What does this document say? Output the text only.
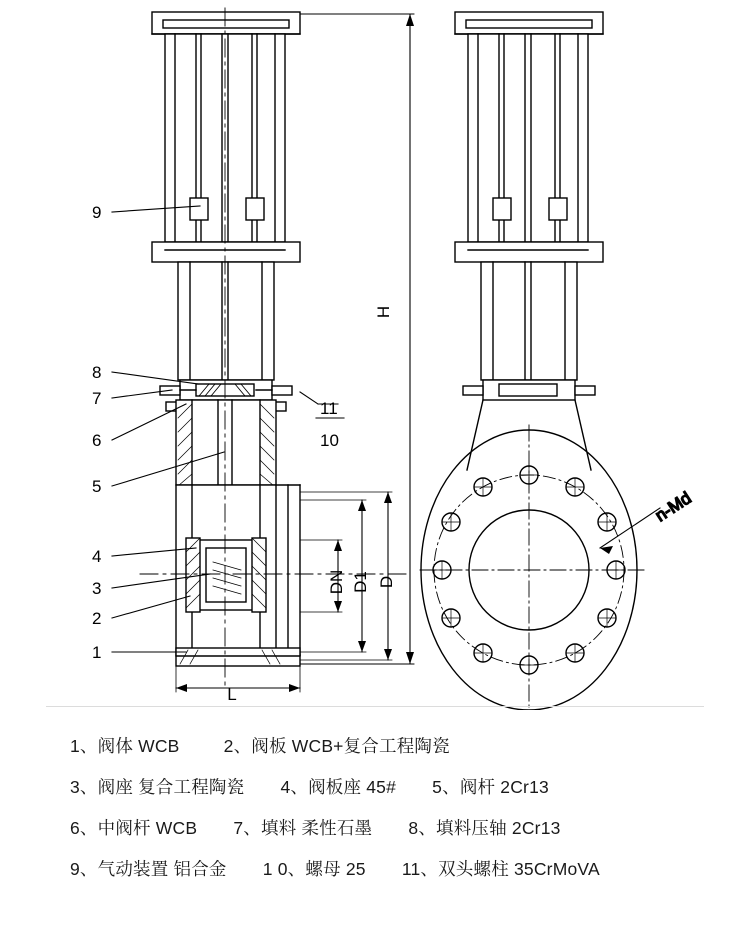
9
8
7
6
5
4
3
2
1
11
10
H
D
D1
DN
L
n-Md
1、阀体 WCB	2、阀板 WCB+复合工程陶瓷
3、阀座 复合工程陶瓷 4、阀板座 45# 5、阀杆 2Cr13
6、中阀杆 WCB 7、填料 柔性石墨 8、填料压轴 2Cr13
9、气动装置 铝合金 1 0、螺母 25 11、双头螺柱 35CrMoVA
